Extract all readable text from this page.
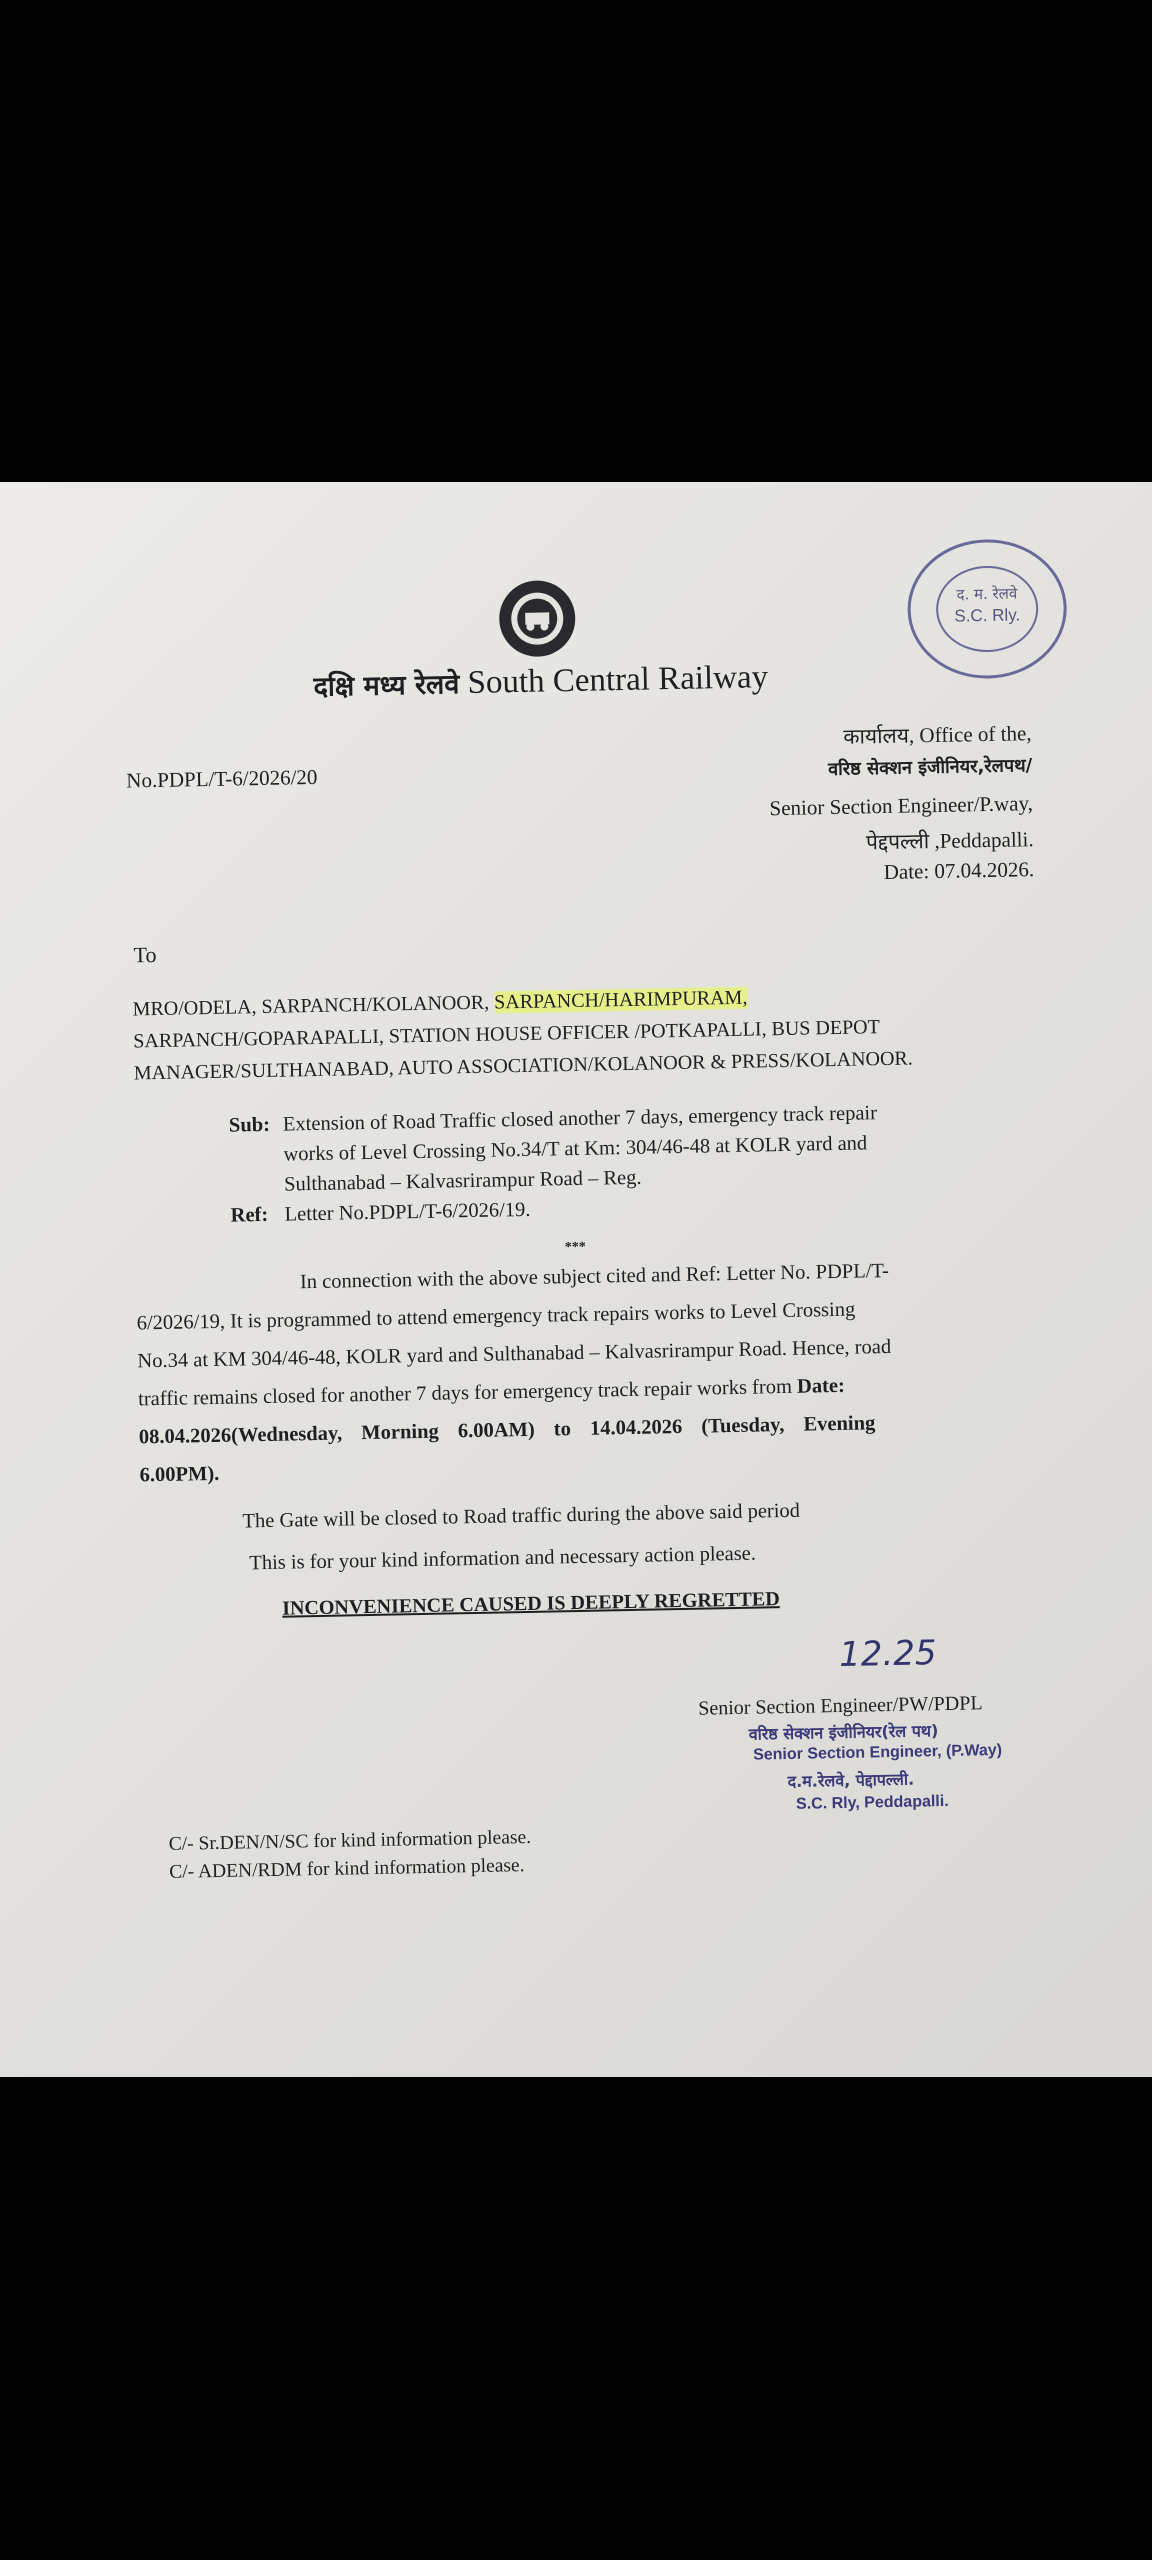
दक्षि मध्य रेलवे South Central Railway
द. म. रेलवे
S.C. Rly.
No.PDPL/T-6/2026/20
कार्यालय, Office of the,
वरिष्ठ सेक्शन इंजीनियर,रेलपथ/
Senior Section Engineer/P.way,
पेद्दपल्ली ,Peddapalli.
Date: 07.04.2026.
To
MRO/ODELA, SARPANCH/KOLANOOR, SARPANCH/HARIMPURAM,
SARPANCH/GOPARAPALLI, STATION HOUSE OFFICER /POTKAPALLI, BUS DEPOT
MANAGER/SULTHANABAD, AUTO ASSOCIATION/KOLANOOR & PRESS/KOLANOOR.
Sub: Extension of Road Traffic closed another 7 days, emergency track repair
works of Level Crossing No.34/T at Km: 304/46-48 at KOLR yard and
Sulthanabad – Kalvasrirampur Road – Reg.
Ref: Letter No.PDPL/T-6/2026/19.
***
In connection with the above subject cited and Ref: Letter No. PDPL/T-
6/2026/19, It is programmed to attend emergency track repairs works to Level Crossing
No.34 at KM 304/46-48, KOLR yard and Sulthanabad – Kalvasrirampur Road. Hence, road
traffic remains closed for another 7 days for emergency track repair works from Date:
08.04.2026(Wednesday, Morning 6.00AM) to 14.04.2026 (Tuesday, Evening
6.00PM).
The Gate will be closed to Road traffic during the above said period
This is for your kind information and necessary action please.
INCONVENIENCE CAUSED IS DEEPLY REGRETTED
12.25
Senior Section Engineer/PW/PDPL
वरिष्ठ सेक्शन इंजीनियर(रेल पथ)
Senior Section Engineer, (P.Way)
द.म.रेलवे, पेद्दापल्ली.
S.C. Rly, Peddapalli.
C/- Sr.DEN/N/SC for kind information please.
C/- ADEN/RDM for kind information please.
